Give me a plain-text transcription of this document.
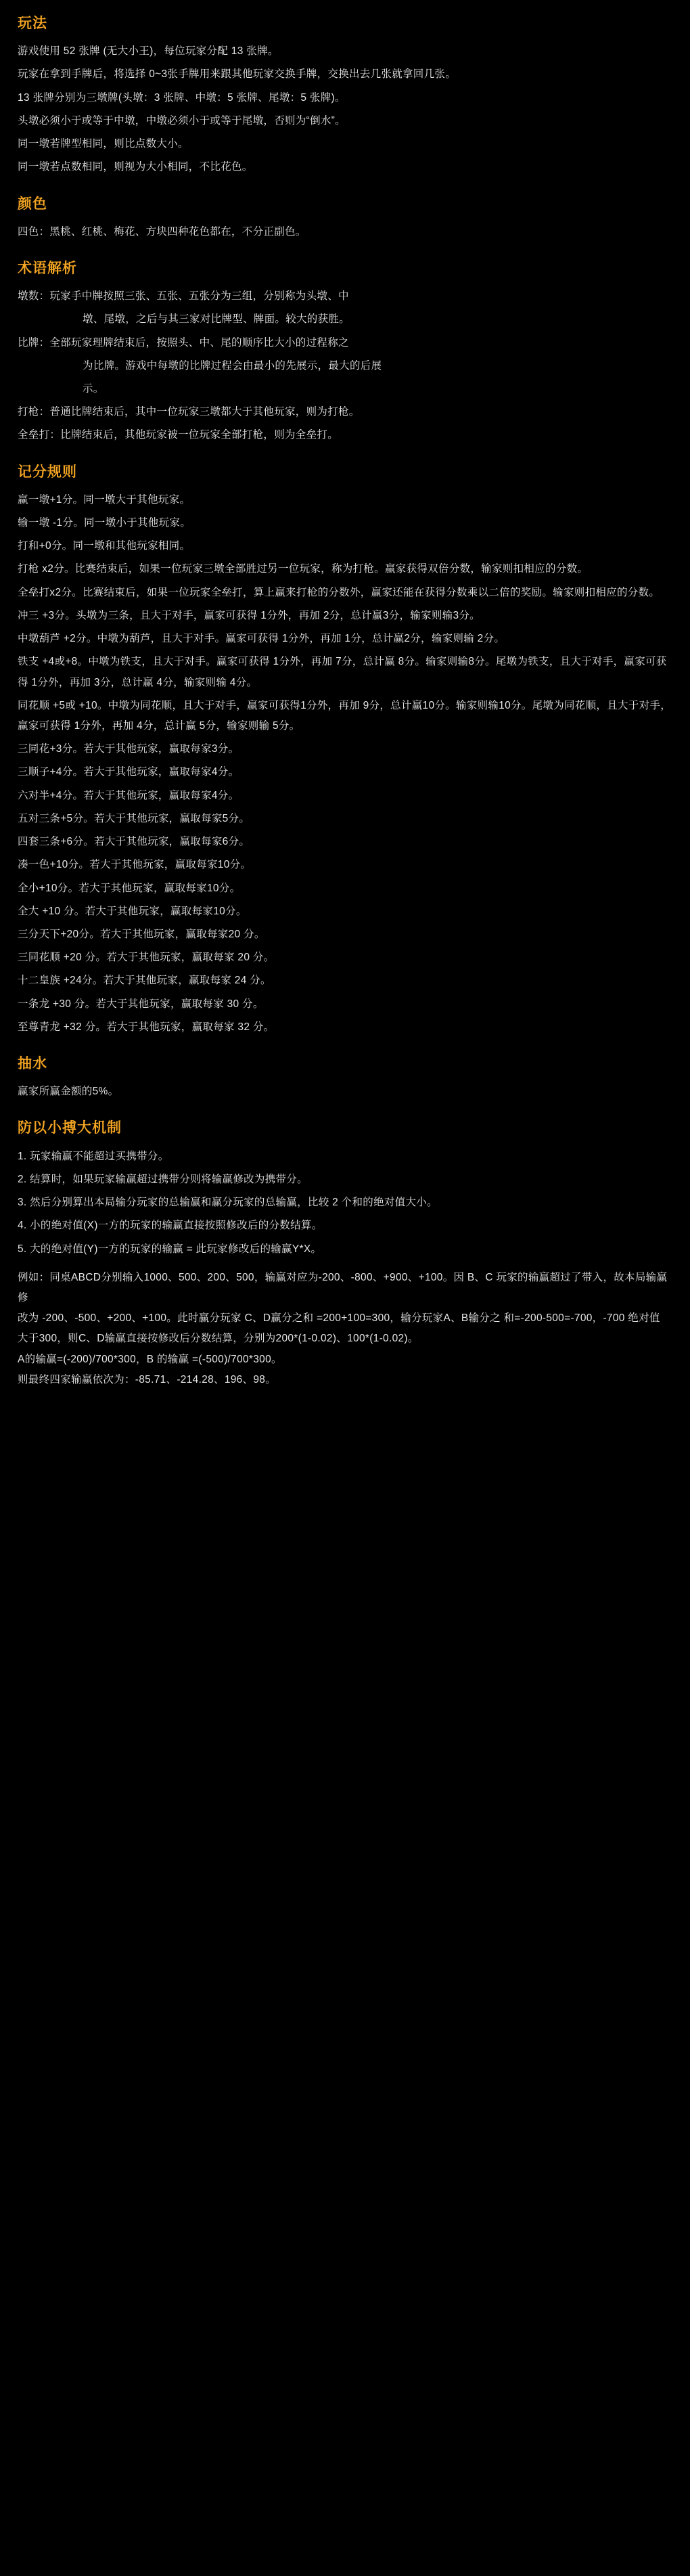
玩法

游戏使用 52 张牌 (无大小王)，每位玩家分配 13 张牌。

玩家在拿到手牌后，将选择 0~3张手牌用来跟其他玩家交换手牌，交换出去几张就拿回几张。

13 张牌分别为三墩牌(头墩：3 张牌、中墩：5 张牌、尾墩：5 张牌)。

头墩必须小于或等于中墩，中墩必须小于或等于尾墩，否则为“倒水”。

同一墩若牌型相同，则比点数大小。

同一墩若点数相同，则视为大小相同，不比花色。

颜色

四色：黑桃、红桃、梅花、方块四种花色都在，不分正副色。

术语解析

墩数：玩家手中牌按照三张、五张、五张分为三组，分别称为头墩、中

墩、尾墩，之后与其三家对比牌型、牌面。较大的获胜。

比牌：全部玩家理牌结束后，按照头、中、尾的顺序比大小的过程称之

为比牌。游戏中每墩的比牌过程会由最小的先展示，最大的后展

示。

打枪：普通比牌结束后，其中一位玩家三墩都大于其他玩家，则为打枪。

全垒打：比牌结束后，其他玩家被一位玩家全部打枪，则为全垒打。

记分规则

赢一墩+1分。同一墩大于其他玩家。

输一墩 -1分。同一墩小于其他玩家。

打和+0分。同一墩和其他玩家相同。

打枪 x2分。比赛结束后，如果一位玩家三墩全部胜过另一位玩家，称为打枪。赢家获得双倍分数，输家则扣相应的分数。

全垒打x2分。比赛结束后，如果一位玩家全垒打，算上赢来打枪的分数外，赢家还能在获得分数乘以二倍的奖励。输家则扣相应的分数。

冲三 +3分。头墩为三条，且大于对手，赢家可获得 1分外，再加 2分，总计赢3分，输家则输3分。

中墩葫芦 +2分。中墩为葫芦，且大于对手。赢家可获得 1分外，再加 1分，总计赢2分，输家则输 2分。

铁支 +4或+8。中墩为铁支，且大于对手。赢家可获得 1分外，再加 7分，总计赢 8分。输家则输8分。尾墩为铁支，且大于对手，赢家可获得 1分外，再加 3分，总计赢 4分，输家则输 4分。

同花顺 +5或 +10。中墩为同花顺，且大于对手，赢家可获得1分外，再加 9分，总计赢10分。输家则输10分。尾墩为同花顺，且大于对手，赢家可获得 1分外，再加 4分，总计赢 5分，输家则输 5分。

三同花+3分。若大于其他玩家，赢取每家3分。

三顺子+4分。若大于其他玩家，赢取每家4分。

六对半+4分。若大于其他玩家，赢取每家4分。

五对三条+5分。若大于其他玩家，赢取每家5分。

四套三条+6分。若大于其他玩家，赢取每家6分。

凑一色+10分。若大于其他玩家，赢取每家10分。

全小+10分。若大于其他玩家，赢取每家10分。

全大 +10 分。若大于其他玩家，赢取每家10分。

三分天下+20分。若大于其他玩家，赢取每家20 分。

三同花顺 +20 分。若大于其他玩家，赢取每家 20 分。

十二皇族 +24分。若大于其他玩家，赢取每家 24 分。

一条龙 +30 分。若大于其他玩家，赢取每家 30 分。

至尊青龙 +32 分。若大于其他玩家，赢取每家 32 分。

抽水

赢家所赢金额的5%。

防以小搏大机制

1. 玩家输赢不能超过买携带分。

2. 结算时，如果玩家输赢超过携带分则将输赢修改为携带分。

3. 然后分别算出本局输分玩家的总输赢和赢分玩家的总输赢，比较 2 个和的绝对值大小。

4. 小的绝对值(X)一方的玩家的输赢直接按照修改后的分数结算。

5. 大的绝对值(Y)一方的玩家的输赢 = 此玩家修改后的输赢Y*X。

例如：同桌ABCD分别输入1000、500、200、500，输赢对应为-200、-800、+900、+100。因 B、C 玩家的输赢超过了带入，故本局输赢修

改为 -200、-500、+200、+100。此时赢分玩家 C、D赢分之和 =200+100=300，输分玩家A、B输分之 和=-200-500=-700，-700 绝对值

大于300，则C、D输赢直接按修改后分数结算，分别为200*(1-0.02)、100*(1-0.02)。

A的输赢=(-200)/700*300，B 的输赢 =(-500)/700*300。

则最终四家输赢依次为：-85.71、-214.28、196、98。
